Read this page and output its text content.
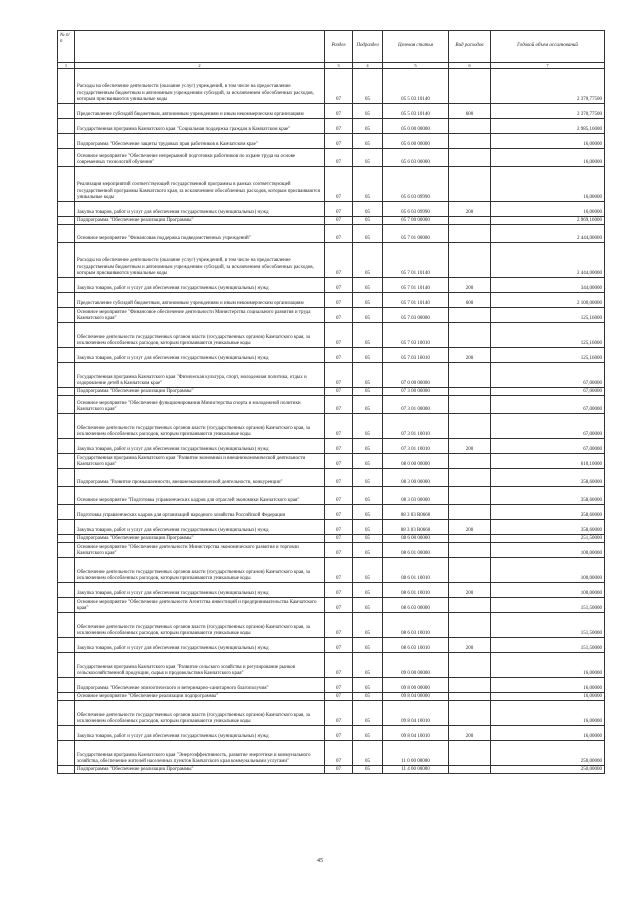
№ п/п		Раздел	Подраздел	Целевая статья	Вид расходов	Годовой объем ассигнований
1	2	3	4	5	6	7
	Расходы на обеспечение деятельности (оказание услуг) учреждений, в том числе на предоставление государственным бюджетным и автономным учреждениям субсидий, за исключением обособленных расходов, которым присваиваются уникальные коды	07	05	05 5 03 10140		2 370,77500
	Предоставление субсидий бюджетным, автономным учреждениям и иным некоммерческим организациям	07	05	05 5 03 10140	600	2 370,77500
	Государственная программа Камчатского края "Социальная поддержка граждан в Камчатском крае"	07	05	05 0 00 00000		2 985,16000
	Подпрограмма "Обеспечение защиты трудовых прав работников в Камчатском крае"	07	05	05 6 00 00000		16,00000
	Основное мероприятие "Обеспечение непрерывной подготовки работников по охране труда на основе современных технологий обучения"	07	05	05 6 03 00000		16,00000
	Реализация мероприятий соответствующей государственной программы в рамках соответствующей государственной программы Камчатского края, за исключением обособленных расходов, которым присваиваются уникальные коды	07	05	05 6 03 09990		16,00000
	Закупка товаров, работ и услуг для обеспечения государственных (муниципальных) нужд	07	05	05 6 03 09990	200	16,00000
	Подпрограмма "Обеспечение реализации Программы"	07	05	05 7 00 00000		2 969,16000
	Основное мероприятие "Финансовая поддержка подведомственных учреждений"	07	05	05 7 01 00000		2 444,00000
	Расходы на обеспечение деятельности (оказание услуг) учреждений, в том числе на предоставление государственным бюджетным и автономным учреждениям субсидий, за исключением обособленных расходов, которым присваиваются уникальные коды	07	05	05 7 01 10140		2 444,00000
	Закупка товаров, работ и услуг для обеспечения государственных (муниципальных) нужд	07	05	05 7 01 10140	200	344,00000
	Предоставление субсидий бюджетным, автономным учреждениям и иным некоммерческим организациям	07	05	05 7 01 10140	600	2 100,00000
	Основное мероприятие "Финансовое обеспечение деятельности Министерства социального развития и труда Камчатского края"	07	05	05 7 03 00000		125,16000
	Обеспечение деятельности государственных органов власти (государственных органов) Камчатского края, за исключением обособленных расходов, которым присваиваются уникальные коды	07	05	05 7 03 10010		125,16000
	Закупка товаров, работ и услуг для обеспечения государственных (муниципальных) нужд	07	05	05 7 03 10010	200	125,16000
	Государственная программа Камчатского края "Физическая культура, спорт, молодежная политика, отдых и оздоровление детей в Камчатском крае"	07	05	07 0 00 00000		67,00000
	Подпрограмма "Обеспечение реализации Программы"	07	05	07 3 00 00000		67,00000
	Основное мероприятие "Обеспечение функционирования Министерства спорта и молодежной политики Камчатского края"	07	05	07 3 01 00000		67,00000
	Обеспечение деятельности государственных органов власти (государственных органов) Камчатского края, за исключением обособленных расходов, которым присваиваются уникальные коды	07	05	07 3 01 10010		67,00000
	Закупка товаров, работ и услуг для обеспечения государственных (муниципальных) нужд	07	05	07 3 01 10010	200	67,00000
	Государственная программа Камчатского края "Развитие экономики и внешнеэкономической деятельности Камчатского края"	07	05	08 0 00 00000		610,10000
	Подпрограмма "Развитие промышленности, внешнеэкономической деятельности, конкуренции"	07	05	08 3 00 00000		358,60000
	Основное мероприятие "Подготовка управленческих кадров для отраслей экономики Камчатского края"	07	05	08 3 03 00000		358,60000
	Подготовка управленческих кадров для организаций народного хозяйства Российской Федерации	07	05	08 3 03 R0660		358,60000
	Закупка товаров, работ и услуг для обеспечения государственных (муниципальных) нужд	07	05	08 3 03 R0660	200	358,60000
	Подпрограмма "Обеспечение реализации Программы"	07	05	08 6 00 00000		251,50000
	Основное мероприятие "Обеспечение деятельности Министерства экономического развития и торговли Камчатского края"	07	05	08 6 01 00000		100,00000
	Обеспечение деятельности государственных органов власти (государственных органов) Камчатского края, за исключением обособленных расходов, которым присваиваются уникальные коды	07	05	08 6 01 10010		100,00000
	Закупка товаров, работ и услуг для обеспечения государственных (муниципальных) нужд	07	05	08 6 01 10010	200	100,00000
	Основное мероприятие "Обеспечение деятельности Агентства инвестиций и предпринимательства Камчатского края"	07	05	08 6 03 00000		151,50000
	Обеспечение деятельности государственных органов власти (государственных органов) Камчатского края, за исключением обособленных расходов, которым присваиваются уникальные коды	07	05	08 6 03 10010		151,50000
	Закупка товаров, работ и услуг для обеспечения государственных (муниципальных) нужд	07	05	08 6 03 10010	200	151,50000
	Государственная программа Камчатского края "Развитие сельского хозяйства и регулирование рынков сельскохозяйственной продукции, сырья и продовольствия Камчатского края"	07	05	09 0 00 00000		16,00000
	Подпрограмма "Обеспечение эпизоотического и ветеринарно-санитарного благополучия"	07	05	09 8 00 00000		16,00000
	Основное мероприятие "Обеспечение реализации подпрограммы"	07	05	09 8 04 00000		16,00000
	Обеспечение деятельности государственных органов власти (государственных органов) Камчатского края, за исключением обособленных расходов, которым присваиваются уникальные коды	07	05	09 8 04 10010		16,00000
	Закупка товаров, работ и услуг для обеспечения государственных (муниципальных) нужд	07	05	09 8 04 10010	200	16,00000
	Государственная программа Камчатского края "Энергоэффективность, развитие энергетики и коммунального хозяйства, обеспечение жителей населенных пунктов Камчатского края коммунальными услугами"	07	05	11 0 00 00000		250,00000
	Подпрограмма "Обеспечение реализации Программы"	07	05	11 4 00 00000		250,00000
45
